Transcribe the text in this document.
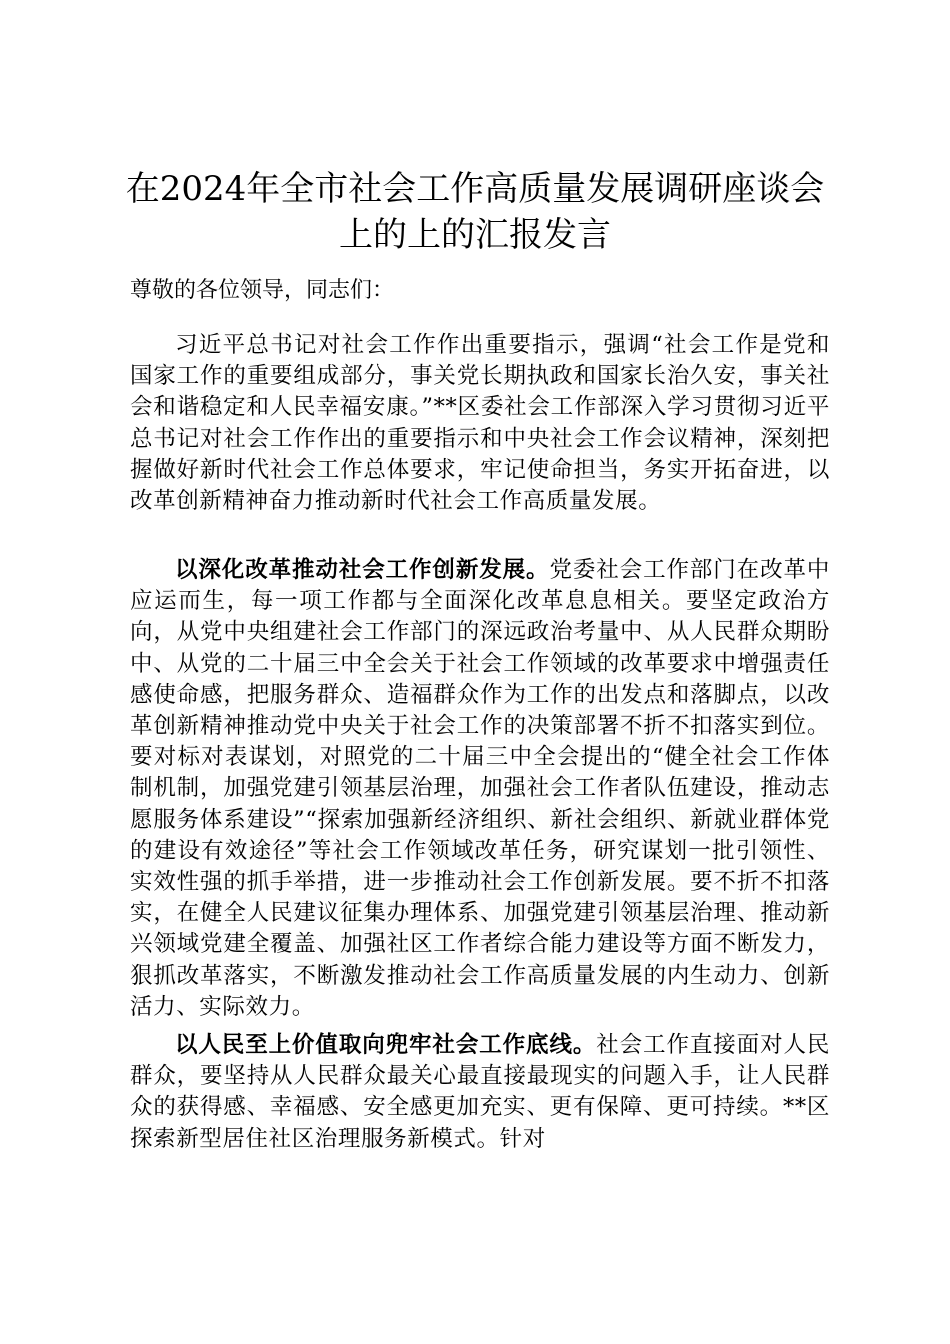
在2024年全市社会工作高质量发展调研座谈会上的上的汇报发言

尊敬的各位领导，同志们：

习近平总书记对社会工作作出重要指示，强调“社会工作是党和国家工作的重要组成部分，事关党长期执政和国家长治久安，事关社会和谐稳定和人民幸福安康。”**区委社会工作部深入学习贯彻习近平总书记对社会工作作出的重要指示和中央社会工作会议精神，深刻把握做好新时代社会工作总体要求，牢记使命担当，务实开拓奋进，以改革创新精神奋力推动新时代社会工作高质量发展。

以深化改革推动社会工作创新发展。党委社会工作部门在改革中应运而生，每一项工作都与全面深化改革息息相关。要坚定政治方向，从党中央组建社会工作部门的深远政治考量中、从人民群众期盼中、从党的二十届三中全会关于社会工作领域的改革要求中增强责任感使命感，把服务群众、造福群众作为工作的出发点和落脚点，以改革创新精神推动党中央关于社会工作的决策部署不折不扣落实到位。要对标对表谋划，对照党的二十届三中全会提出的“健全社会工作体制机制，加强党建引领基层治理，加强社会工作者队伍建设，推动志愿服务体系建设”“探索加强新经济组织、新社会组织、新就业群体党的建设有效途径”等社会工作领域改革任务，研究谋划一批引领性、实效性强的抓手举措，进一步推动社会工作创新发展。要不折不扣落实，在健全人民建议征集办理体系、加强党建引领基层治理、推动新兴领域党建全覆盖、加强社区工作者综合能力建设等方面不断发力，狠抓改革落实，不断激发推动社会工作高质量发展的内生动力、创新活力、实际效力。

以人民至上价值取向兜牢社会工作底线。社会工作直接面对人民群众，要坚持从人民群众最关心最直接最现实的问题入手，让人民群众的获得感、幸福感、安全感更加充实、更有保障、更可持续。**区探索新型居住社区治理服务新模式。针对
